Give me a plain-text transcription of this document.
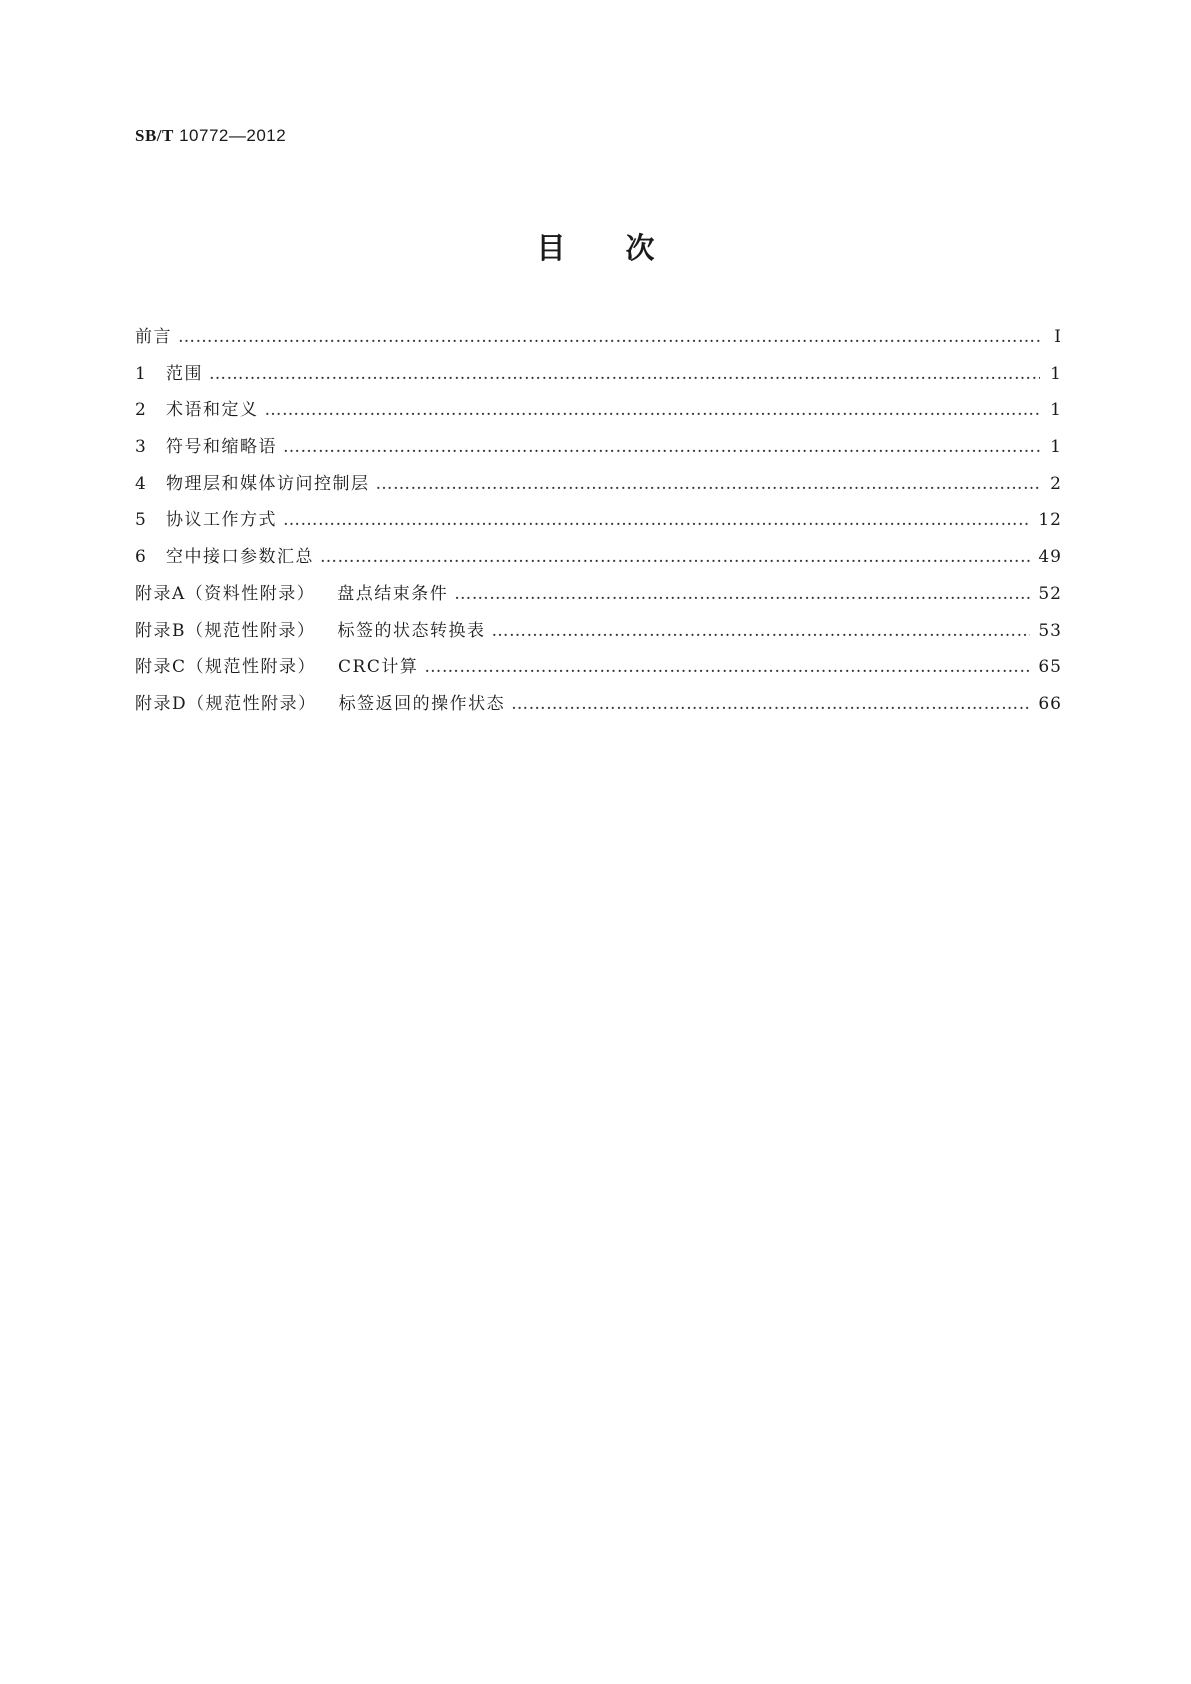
SB/T 10772—2012
目次
前言 …………………………………………………………………………………………………………………………………………………………………………………………………………………………………………………………	Ⅰ
1	范围 …………………………………………………………………………………………………………………………………………………………………………………………………………………………………………………………	1
2	术语和定义 …………………………………………………………………………………………………………………………………………………………………………………………………………………………………………………………	1
3	符号和缩略语 …………………………………………………………………………………………………………………………………………………………………………………………………………………………………………………………	1
4	物理层和媒体访问控制层 …………………………………………………………………………………………………………………………………………………………………………………………………………………………………………………………	2
5	协议工作方式 …………………………………………………………………………………………………………………………………………………………………………………………………………………………………………………………	12
6	空中接口参数汇总 …………………………………………………………………………………………………………………………………………………………………………………………………………………………………………………………	49
附录A（资料性附录） 盘点结束条件 …………………………………………………………………………………………………………………………………………………………………………………………………………………………………………………………	52
附录B（规范性附录） 标签的状态转换表 …………………………………………………………………………………………………………………………………………………………………………………………………………………………………………………………	53
附录C（规范性附录） CRC计算 …………………………………………………………………………………………………………………………………………………………………………………………………………………………………………………………	65
附录D（规范性附录） 标签返回的操作状态 …………………………………………………………………………………………………………………………………………………………………………………………………………………………………………………………	66
